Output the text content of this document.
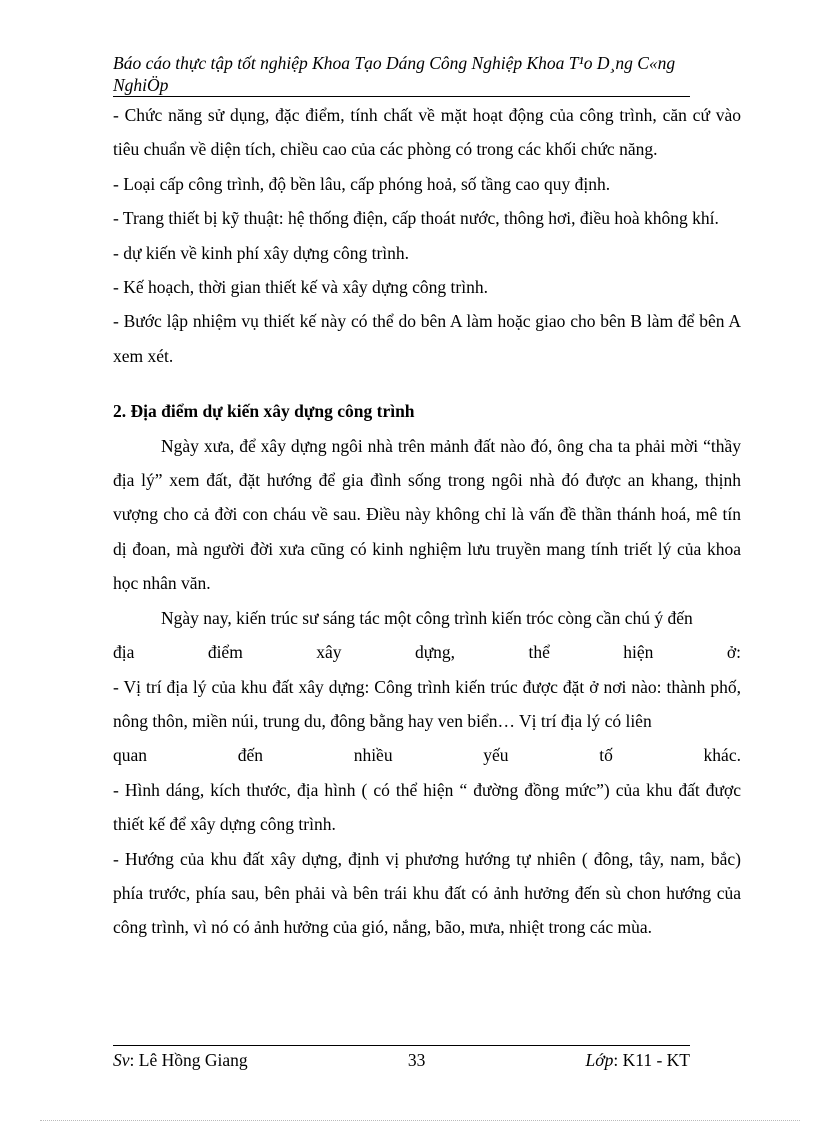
Báo cáo thực tập tốt nghiệp Khoa Tạo Dáng Công Nghiệp Khoa T¹o D¸ng C«ng
NghiÖp

- Chức năng sử dụng, đặc điểm, tính chất về mặt hoạt động của công trình, căn cứ vào tiêu chuẩn về diện tích, chiều cao của các phòng có trong các khối chức năng.

- Loại cấp công trình, độ bền lâu, cấp phóng hoả, số tầng cao quy định.

- Trang thiết bị kỹ thuật: hệ thống điện, cấp thoát nước, thông hơi, điều hoà không khí.

- dự kiến về kinh phí xây dựng công trình.

- Kế hoạch, thời gian thiết kế và xây dựng công trình.

- Bước lập nhiệm vụ thiết kế này có thể do bên A làm hoặc giao cho bên B làm để bên A xem xét.

2. Địa điểm dự kiến xây dựng công trình

Ngày xưa, để xây dựng ngôi nhà trên mảnh đất nào đó, ông cha ta phải mời “thầy địa lý” xem đất, đặt hướng để gia đình sống trong ngôi nhà đó được an khang, thịnh vượng cho cả đời con cháu về sau. Điều này không chỉ là vấn đề thần thánh hoá, mê tín dị đoan, mà người đời xưa cũng có kinh nghiệm lưu truyền mang tính triết lý của khoa học nhân văn.

Ngày nay, kiến trúc sư sáng tác một công trình kiến tróc còng cần chú ý đến

địa	điểm	xây	dựng,	thể	hiện	ở:

- Vị trí địa lý của khu đất xây dựng: Công trình kiến trúc được đặt ở nơi nào: thành phố, nông thôn, miền núi, trung du, đông bằng hay ven biển… Vị trí địa lý có liên

quan	đến	nhiều	yếu	tố	khác.

- Hình dáng, kích thước, địa hình ( có thể hiện “ đường đồng mức”) của khu đất được thiết kế để xây dựng công trình.

- Hướng của khu đất xây dựng, định vị phương hướng tự nhiên ( đông, tây, nam, bắc) phía trước, phía sau, bên phải và bên trái khu đất có ảnh hưởng đến sù chon hướng của công trình, vì nó có ảnh hưởng của gió, nắng, bão, mưa, nhiệt trong các mùa.

Sv: Lê Hồng Giang	33	Lớp: K11 - KT
